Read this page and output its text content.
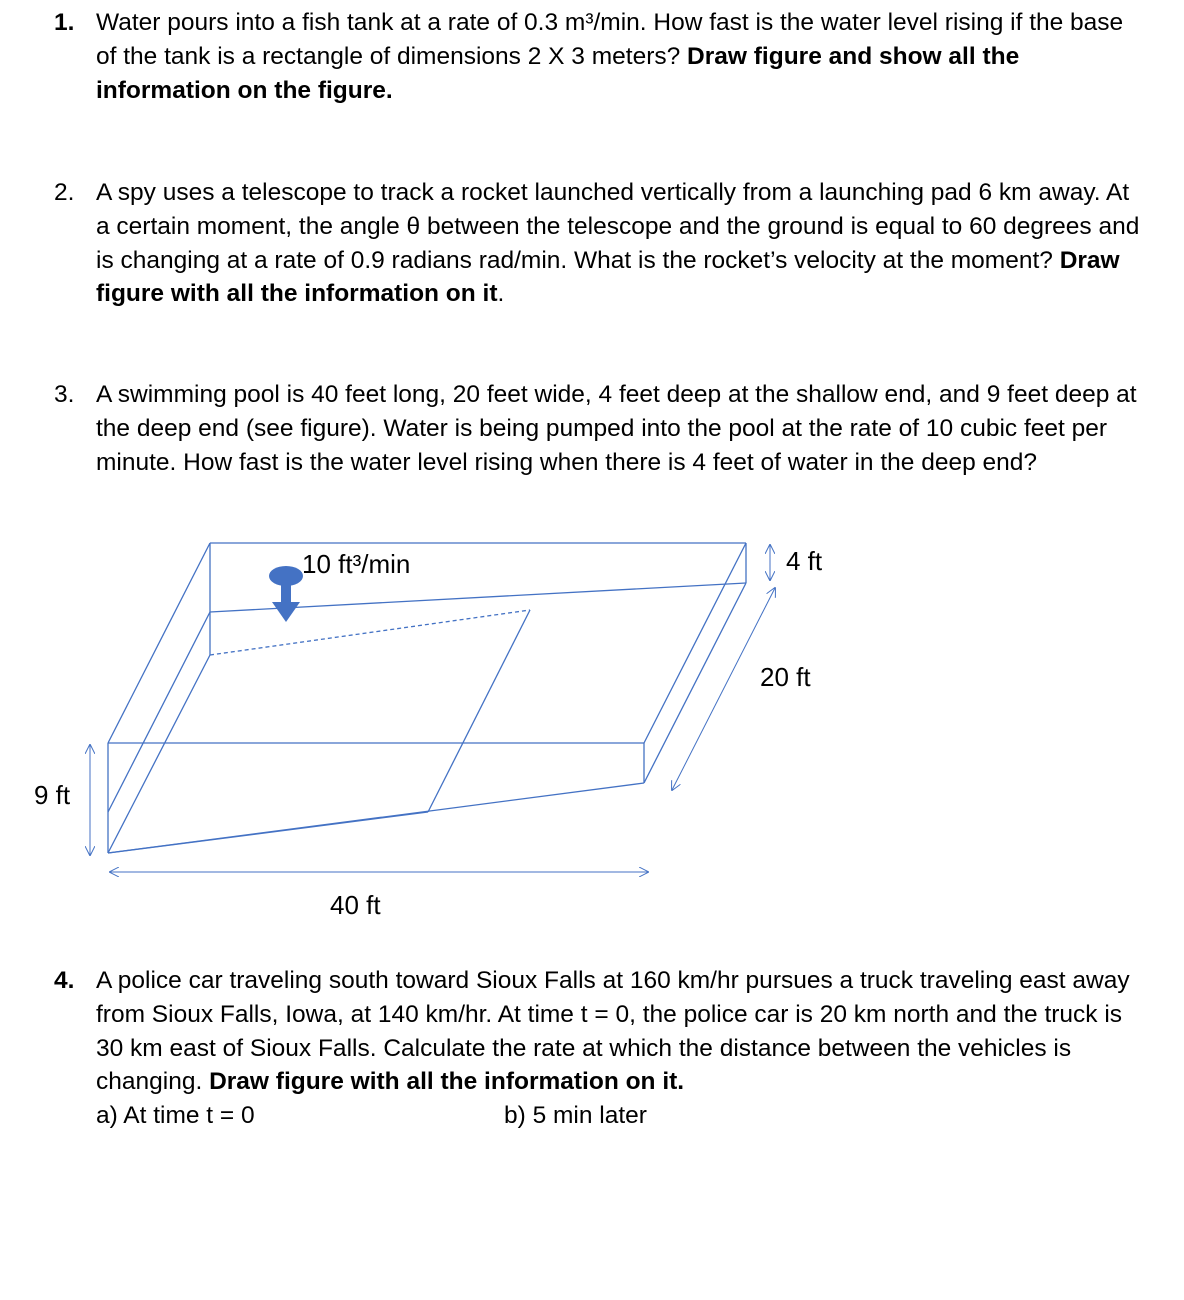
1. Water pours into a fish tank at a rate of 0.3 m³/min. How fast is the water level rising if the base of the tank is a rectangle of dimensions 2 X 3 meters? Draw figure and show all the information on the figure.
2. A spy uses a telescope to track a rocket launched vertically from a launching pad 6 km away. At a certain moment, the angle θ between the telescope and the ground is equal to 60 degrees and is changing at a rate of 0.9 radians rad/min. What is the rocket’s velocity at the moment? Draw figure with all the information on it.
3. A swimming pool is 40 feet long, 20 feet wide, 4 feet deep at the shallow end, and 9 feet deep at the deep end (see figure). Water is being pumped into the pool at the rate of 10 cubic feet per minute. How fast is the water level rising when there is 4 feet of water in the deep end?
10 ft³/min	4 ft
20 ft
9 ft
40 ft
4. A police car traveling south toward Sioux Falls at 160 km/hr pursues a truck traveling east away from Sioux Falls, Iowa, at 140 km/hr. At time t = 0, the police car is 20 km north and the truck is 30 km east of Sioux Falls. Calculate the rate at which the distance between the vehicles is changing. Draw figure with all the information on it.
a) At time t = 0	b) 5 min later
